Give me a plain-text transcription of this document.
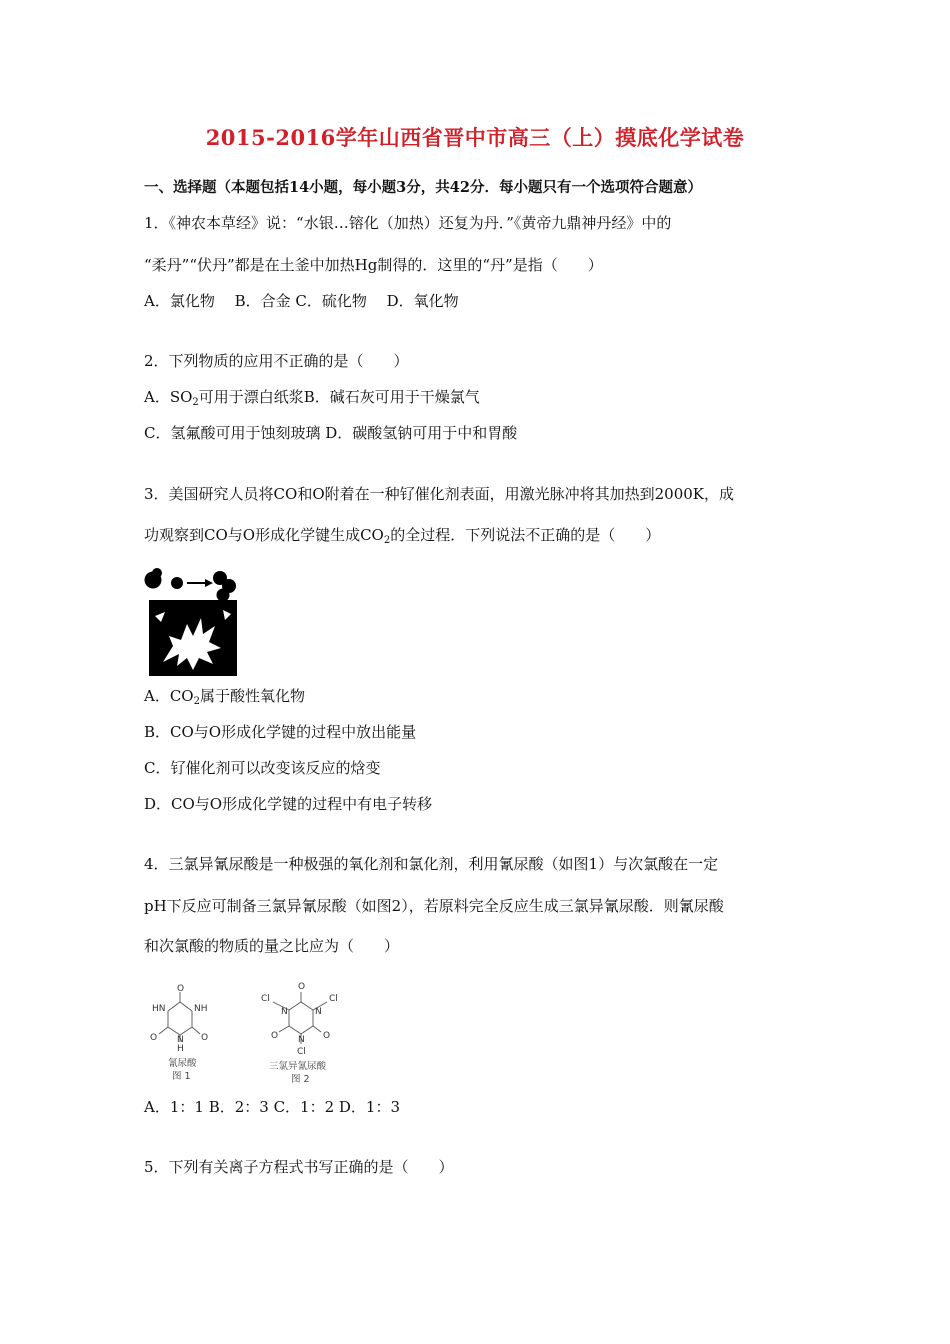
2015-2016学年山西省晋中市高三（上）摸底化学试卷
一、选择题（本题包括14小题，每小题3分，共42分．每小题只有一个选项符合题意）
1．《神农本草经》说：“水银…镕化（加热）还复为丹．”《黄帝九鼎神丹经》中的
“柔丹”“伏丹”都是在土釜中加热Hg制得的．这里的“丹”是指（　　）
A．氯化物　 B．合金 C．硫化物　 D．氧化物
2．下列物质的应用不正确的是（　　）
A．$SO_2$可用于漂白纸浆B．碱石灰可用于干燥氯气
C．氢氟酸可用于蚀刻玻璃 D．碳酸氢钠可用于中和胃酸
3．美国研究人员将CO和O附着在一种钌催化剂表面，用激光脉冲将其加热到2000K，成
功观察到CO与O形成化学键生成$CO_2$的全过程．下列说法不正确的是（　　）
A．$CO_2$属于酸性氧化物
B．CO与O形成化学键的过程中放出能量
C．钌催化剂可以改变该反应的焓变
D．CO与O形成化学键的过程中有电子转移
4．三氯异氰尿酸是一种极强的氧化剂和氯化剂，利用氰尿酸（如图1）与次氯酸在一定
pH下反应可制备三氯异氰尿酸（如图2），若原料完全反应生成三氯异氰尿酸．则氰尿酸
和次氯酸的物质的量之比应为（　　）
O
NH
HN
O
O N
H
氰尿酸
图 1
O
Cl	Cl
N	N
O	O
N
Cl
三氯异氰尿酸
图 2
A．1：1 B．2：3 C．1：2 D．1：3
5．下列有关离子方程式书写正确的是（　　）
